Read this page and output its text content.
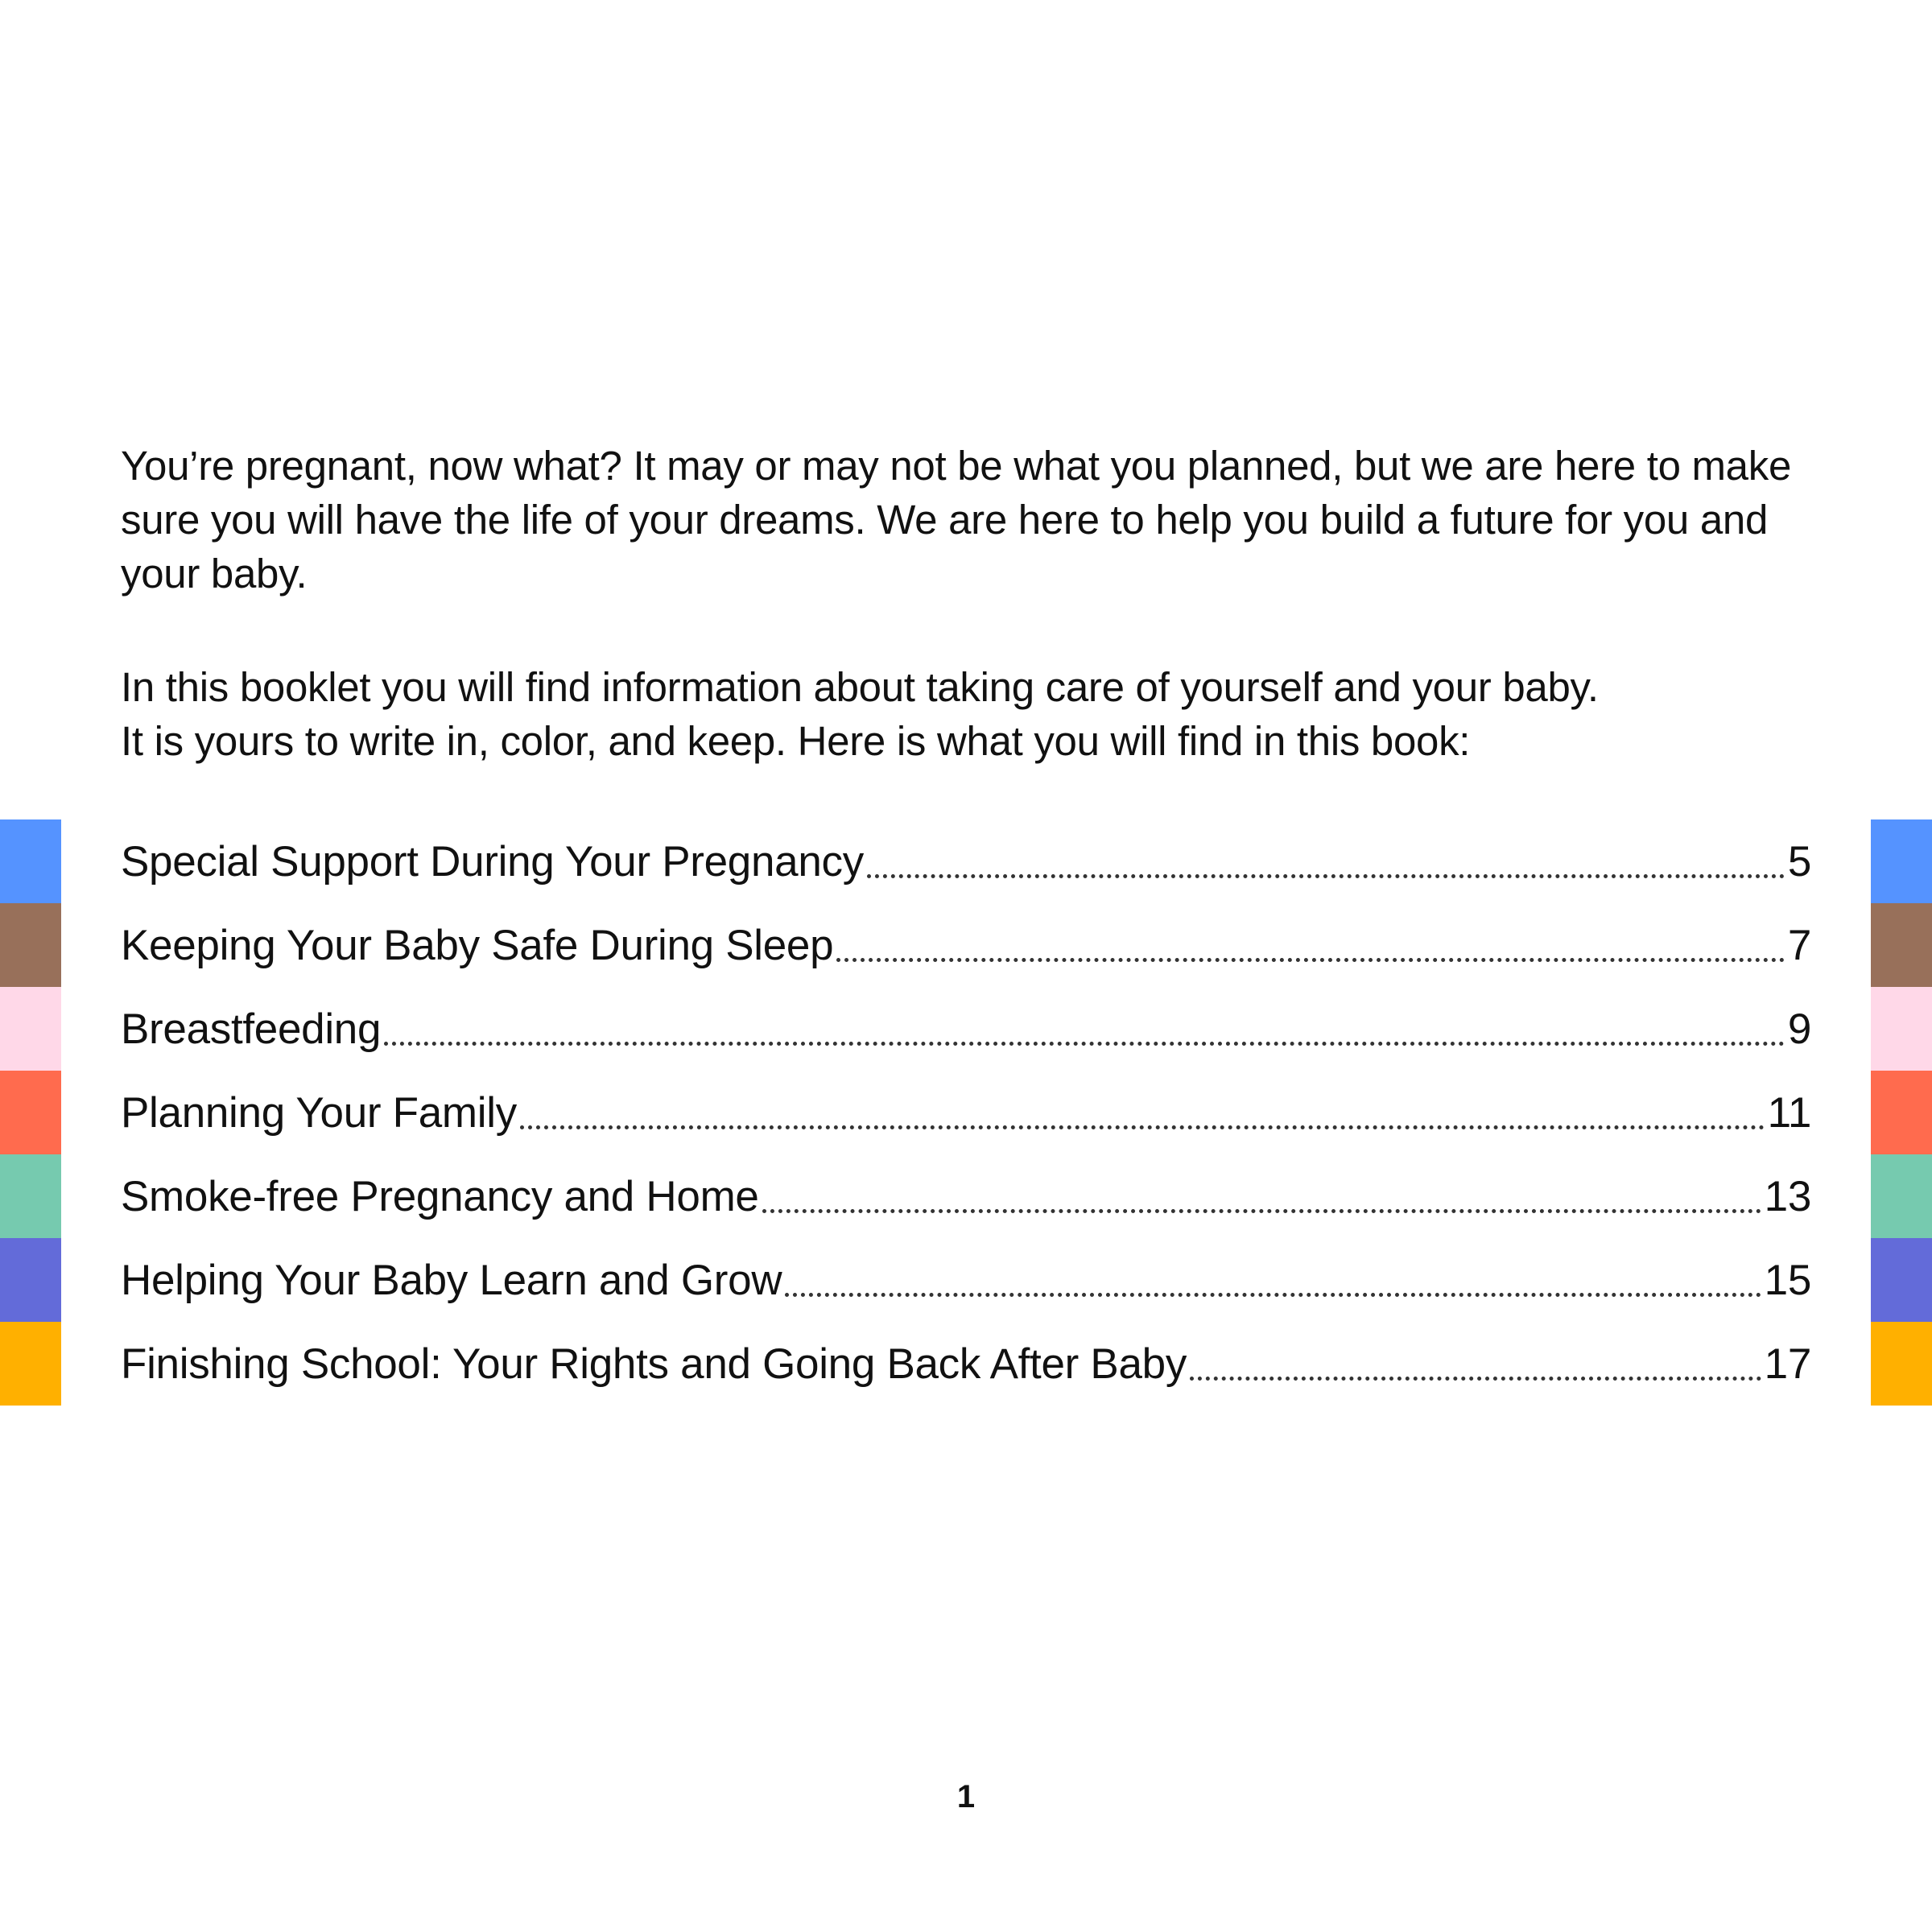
You’re pregnant, now what? It may or may not be what you planned, but we are here to make sure you will have the life of your dreams. We are here to help you build a future for you and your baby.

In this booklet you will find information about taking care of yourself and your baby.
It is yours to write in, color, and keep. Here is what you will find in this book:

Special Support During Your Pregnancy	5
Keeping Your Baby Safe During Sleep	7
Breastfeeding	9
Planning Your Family	11
Smoke-free Pregnancy and Home	13
Helping Your Baby Learn and Grow	15
Finishing School: Your Rights and Going Back After Baby	17
1
